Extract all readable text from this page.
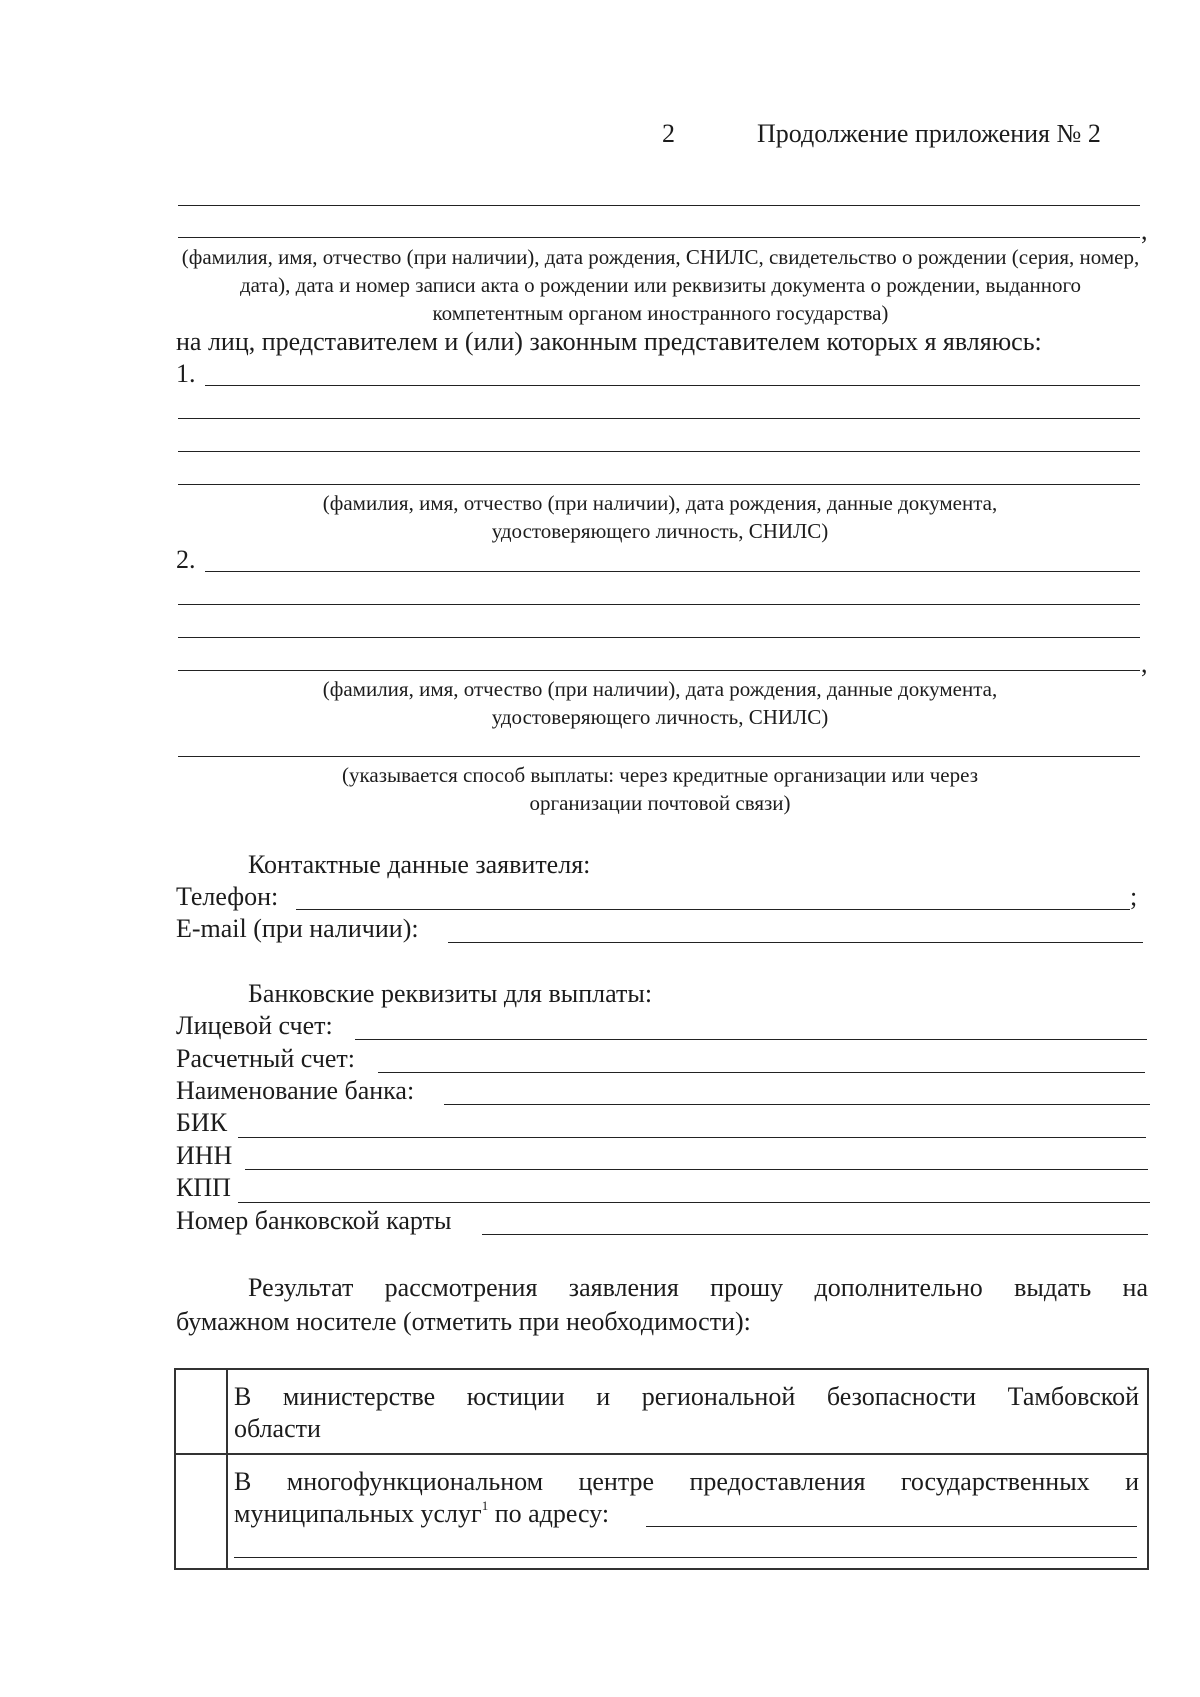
2	Продолжение приложения № 2
,
(фамилия, имя, отчество (при наличии), дата рождения, СНИЛС, свидетельство о рождении (серия, номер, дата), дата и номер записи акта о рождении или реквизиты документа о рождении, выданного компетентным органом иностранного государства)
на лиц, представителем и (или) законным представителем которых я являюсь:
1.
(фамилия, имя, отчество (при наличии), дата рождения, данные документа, удостоверяющего личность, СНИЛС)
2.
,
(фамилия, имя, отчество (при наличии), дата рождения, данные документа, удостоверяющего личность, СНИЛС)
(указывается способ выплаты: через кредитные организации или через организации почтовой связи)
Контактные данные заявителя:
Телефон:	;
E-mail (при наличии):
Банковские реквизиты для выплаты:
Лицевой счет:
Расчетный счет:
Наименование банка:
БИК
ИНН
КПП
Номер банковской карты
Результат рассмотрения заявления прошу дополнительно выдать на
бумажном носителе (отметить при необходимости):
В министерстве юстиции и региональной безопасности Тамбовской
области
В многофункциональном центре предоставления государственных и
муниципальных услуг$^1$ по адресу:
